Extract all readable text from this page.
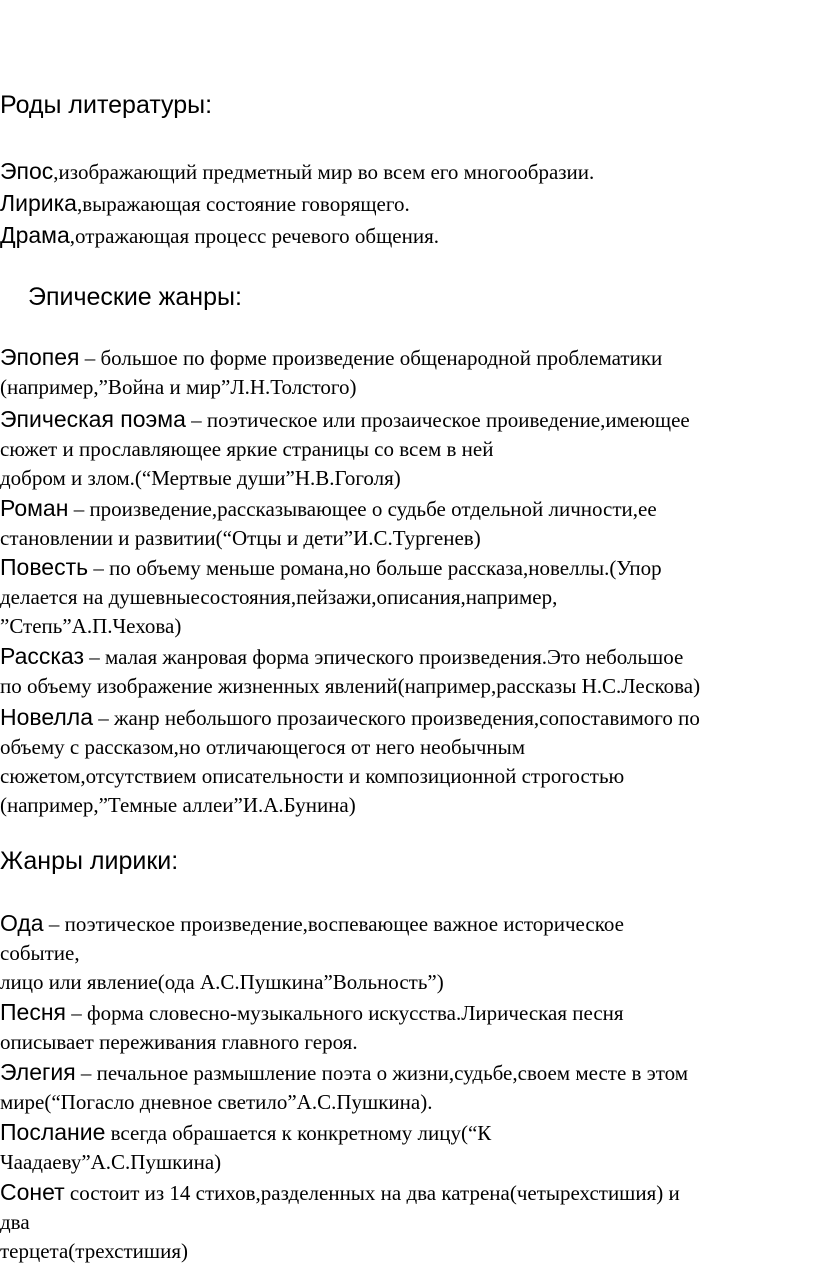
Роды литературы:
Эпос,изображающий предметный мир во всем его многообразии.
Лирика,выражающая состояние говорящего.
Драма,отражающая процесс речевого общения.
Эпические жанры:
Эпопея – большое по форме произведение общенародной проблематики
(например,”Война и мир”Л.Н.Толстого)
Эпическая поэма – поэтическое или прозаическое проиведение,имеющее
сюжет и прославляющее яркие страницы со всем в ней
добром и злом.(“Мертвые души”Н.В.Гоголя)
Роман – произведение,рассказывающее о судьбе отдельной личности,ее
становлении и развитии(“Отцы и дети”И.С.Тургенев)
Повесть – по объему меньше романа,но больше рассказа,новеллы.(Упор
делается на душевныесостояния,пейзажи,описания,например,
”Степь”А.П.Чехова)
Рассказ – малая жанровая форма эпического произведения.Это небольшое
по объему изображение жизненных явлений(например,рассказы Н.С.Лескова)
Новелла – жанр небольшого прозаического произведения,сопоставимого по
объему с рассказом,но отличающегося от него необычным
сюжетом,отсутствием описательности и композиционной строгостью
(например,”Темные аллеи”И.А.Бунина)
Жанры лирики:
Ода – поэтическое произведение,воспевающее важное историческое
событие,
лицо или явление(ода А.С.Пушкина”Вольность”)
Песня – форма словесно-музыкального искусства.Лирическая песня
описывает переживания главного героя.
Элегия – печальное размышление поэта о жизни,судьбе,своем месте в этом
мире(“Погасло дневное светило”А.С.Пушкина).
Послание всегда обрашается к конкретному лицу(“К
Чаадаеву”А.С.Пушкина)
Сонет состоит из 14 стихов,разделенных на два катрена(четырехстишия) и
два
терцета(трехстишия)
